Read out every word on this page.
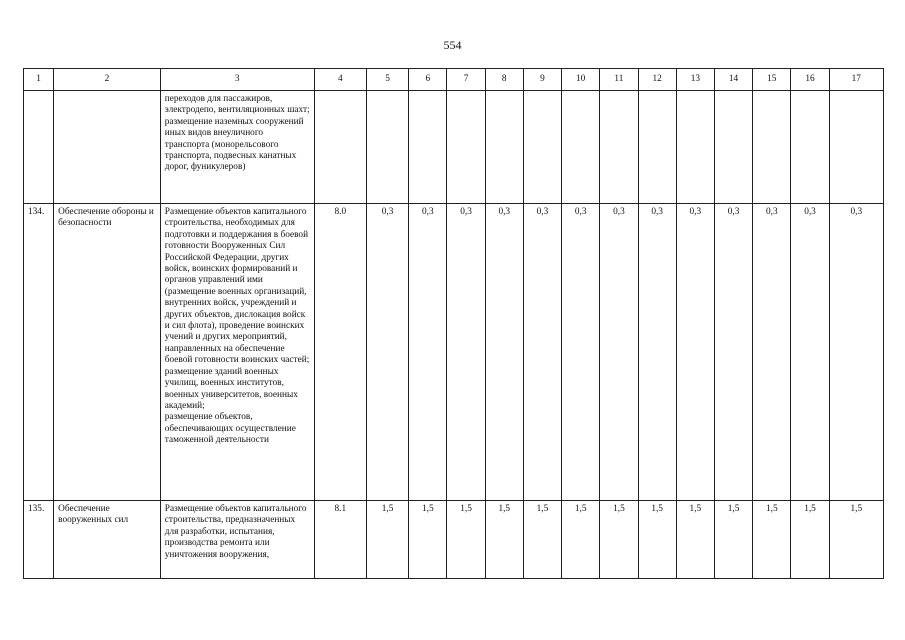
554
1	2	3	4	5	6	7	8	9	10	11	12	13	14	15	16	17

		переходов для пассажиров, электродепо, вентиляционных шахт;
размещение наземных сооружений иных видов внеуличного транспорта (монорельсового транспорта, подвесных канатных дорог, фуникулеров)														

134.	Обеспечение обороны и безопасности	Размещение объектов капитального строительства, необходимых для подготовки и поддержания в боевой готовности Вооруженных Сил Российской Федерации, других войск, воинских формирований и органов управлений ими (размещение военных организаций, внутренних войск, учреждений и других объектов, дислокация войск и сил флота), проведение воинских учений и других мероприятий, направленных на обеспечение боевой готовности воинских частей;
размещение зданий военных училищ, военных институтов, военных университетов, военных академий;
размещение объектов, обеспечивающих осуществление таможенной деятельности	8.0	0,3	0,3	0,3	0,3	0,3	0,3	0,3	0,3	0,3	0,3	0,3	0,3	0,3
135.	Обеспечение вооруженных сил	Размещение объектов капитального строительства, предназначенных для разработки, испытания, производства ремонта или уничтожения вооружения,	8.1	1,5	1,5	1,5	1,5	1,5	1,5	1,5	1,5	1,5	1,5	1,5	1,5	1,5
